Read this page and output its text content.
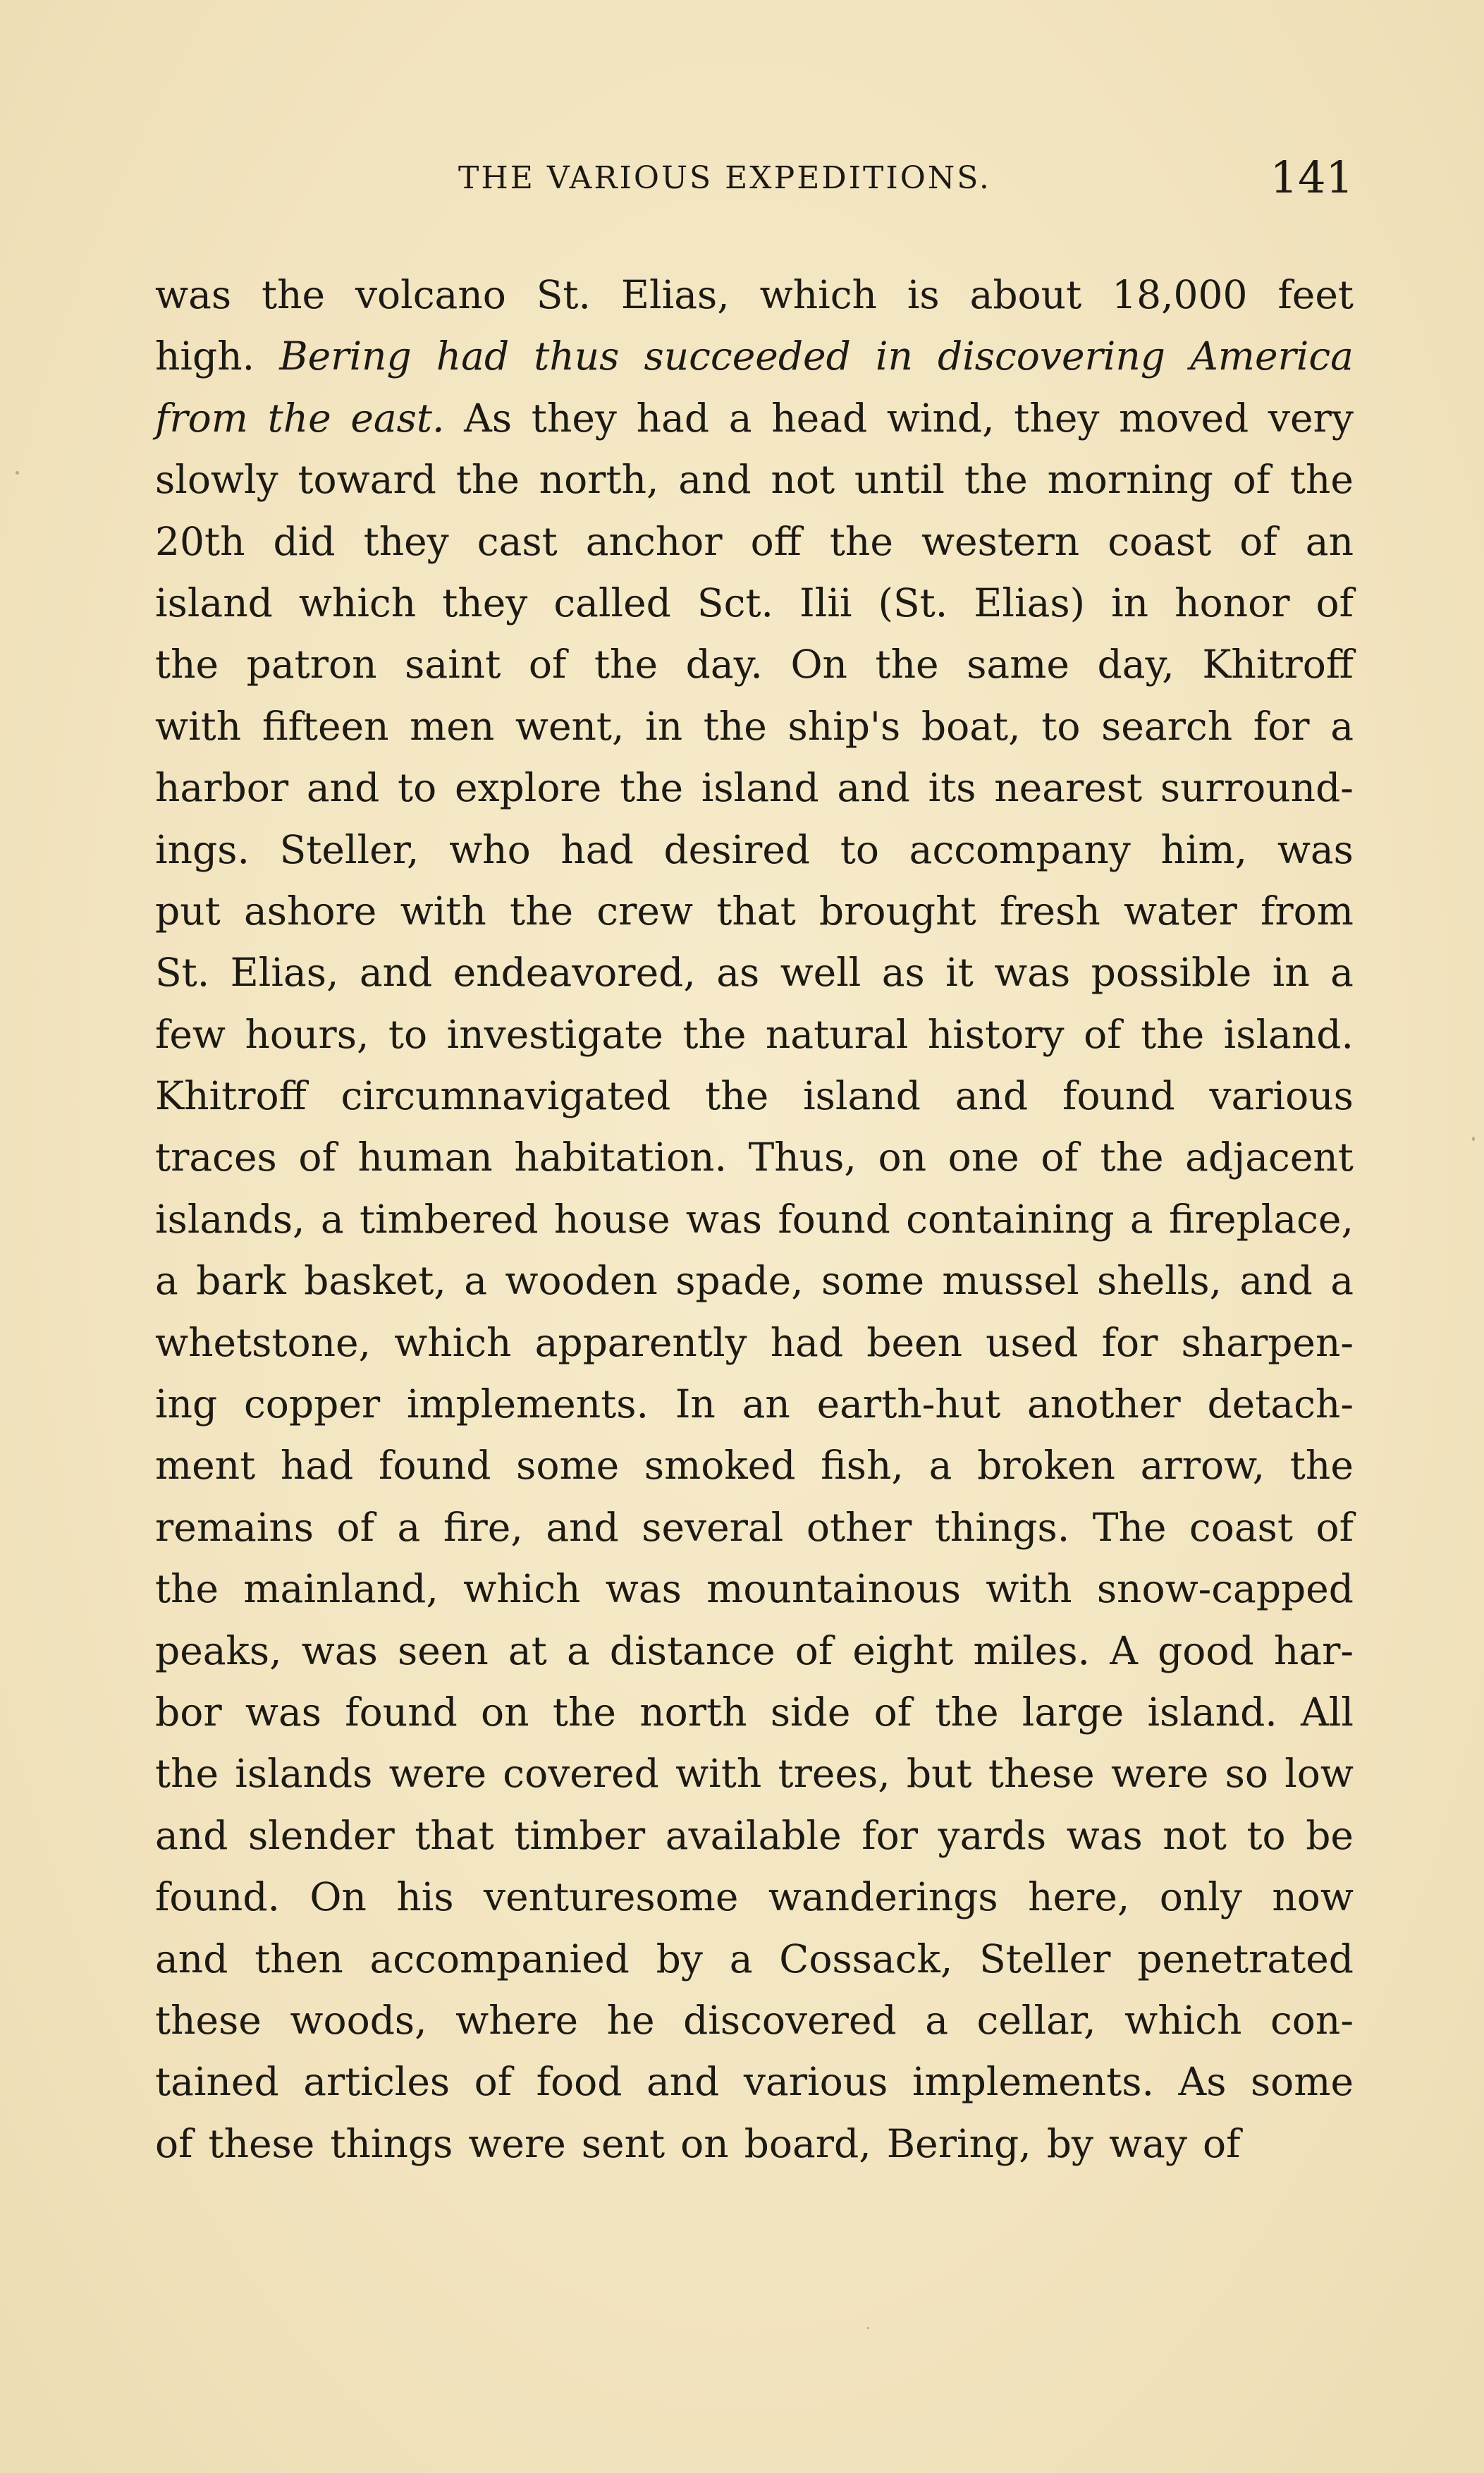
THE VARIOUS EXPEDITIONS.	141
was the volcano St. Elias, which is about 18,000 feet
high. Bering had thus succeeded in discovering America
from the east. As they had a head wind, they moved very
slowly toward the north, and not until the morning of the
20th did they cast anchor off the western coast of an
island which they called Sct. Ilii (St. Elias) in honor of
the patron saint of the day. On the same day, Khitroff
with fifteen men went, in the ship's boat, to search for a
harbor and to explore the island and its nearest surround-
ings. Steller, who had desired to accompany him, was
put ashore with the crew that brought fresh water from
St. Elias, and endeavored, as well as it was possible in a
few hours, to investigate the natural history of the island.
Khitroff circumnavigated the island and found various
traces of human habitation. Thus, on one of the adjacent
islands, a timbered house was found containing a fireplace,
a bark basket, a wooden spade, some mussel shells, and a
whetstone, which apparently had been used for sharpen-
ing copper implements. In an earth-hut another detach-
ment had found some smoked fish, a broken arrow, the
remains of a fire, and several other things. The coast of
the mainland, which was mountainous with snow-capped
peaks, was seen at a distance of eight miles. A good har-
bor was found on the north side of the large island. All
the islands were covered with trees, but these were so low
and slender that timber available for yards was not to be
found. On his venturesome wanderings here, only now
and then accompanied by a Cossack, Steller penetrated
these woods, where he discovered a cellar, which con-
tained articles of food and various implements. As some
of these things were sent on board, Bering, by way of
